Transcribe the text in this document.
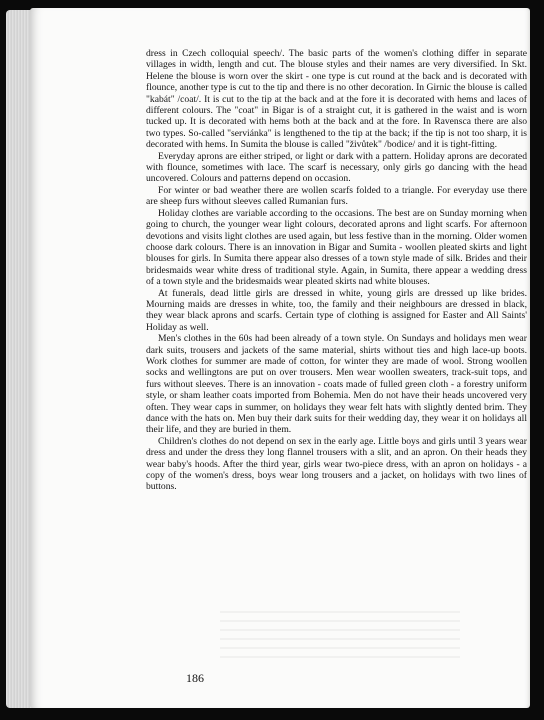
dress in Czech colloquial speech/. The basic parts of the women's clothing differ in separate villages in width, length and cut. The blouse styles and their names are very diversified. In Skt. Helene the blouse is worn over the skirt - one type is cut round at the back and is decorated with flounce, another type is cut to the tip and there is no other decoration. In Girnic the blouse is called "kabát" /coat/. It is cut to the tip at the back and at the fore it is decorated with hems and laces of different colours. The "coat" in Bigar is of a straight cut, it is gathered in the waist and is worn tucked up. It is decorated with hems both at the back and at the fore. In Ravensca there are also two types. So-called "serviánka" is lengthened to the tip at the back; if the tip is not too sharp, it is decorated with hems. In Sumita the blouse is called "živůtek" /bodice/ and it is tight-fitting.

Everyday aprons are either striped, or light or dark with a pattern. Holiday aprons are decorated with flounce, sometimes with lace. The scarf is necessary, only girls go dancing with the head uncovered. Colours and patterns depend on occasion.

For winter or bad weather there are wollen scarfs folded to a triangle. For everyday use there are sheep furs without sleeves called Rumanian furs.

Holiday clothes are variable according to the occasions. The best are on Sunday morning when going to church, the younger wear light colours, decorated aprons and light scarfs. For afternoon devotions and visits light clothes are used again, but less festive than in the morning. Older women choose dark colours. There is an innovation in Bigar and Sumita - woollen pleated skirts and light blouses for girls. In Sumita there appear also dresses of a town style made of silk. Brides and their bridesmaids wear white dress of traditional style. Again, in Sumita, there appear a wedding dress of a town style and the bridesmaids wear pleated skirts nad white blouses.

At funerals, dead little girls are dressed in white, young girls are dressed up like brides. Mourning maids are dresses in white, too, the family and their neighbours are dressed in black, they wear black aprons and scarfs. Certain type of clothing is assigned for Easter and All Saints' Holiday as well.

Men's clothes in the 60s had been already of a town style. On Sundays and holidays men wear dark suits, trousers and jackets of the same material, shirts without ties and high lace-up boots. Work clothes for summer are made of cotton, for winter they are made of wool. Strong woollen socks and wellingtons are put on over trousers. Men wear woollen sweaters, track-suit tops, and furs without sleeves. There is an innovation - coats made of fulled green cloth - a forestry uniform style, or sham leather coats imported from Bohemia. Men do not have their heads uncovered very often. They wear caps in summer, on holidays they wear felt hats with slightly dented brim. They dance with the hats on. Men buy their dark suits for their wedding day, they wear it on holidays all their life, and they are buried in them.

Children's clothes do not depend on sex in the early age. Little boys and girls until 3 years wear dress and under the dress they long flannel trousers with a slit, and an apron. On their heads they wear baby's hoods. After the third year, girls wear two-piece dress, with an apron on holidays - a copy of the women's dress, boys wear long trousers and a jacket, on holidays with two lines of buttons.

186
